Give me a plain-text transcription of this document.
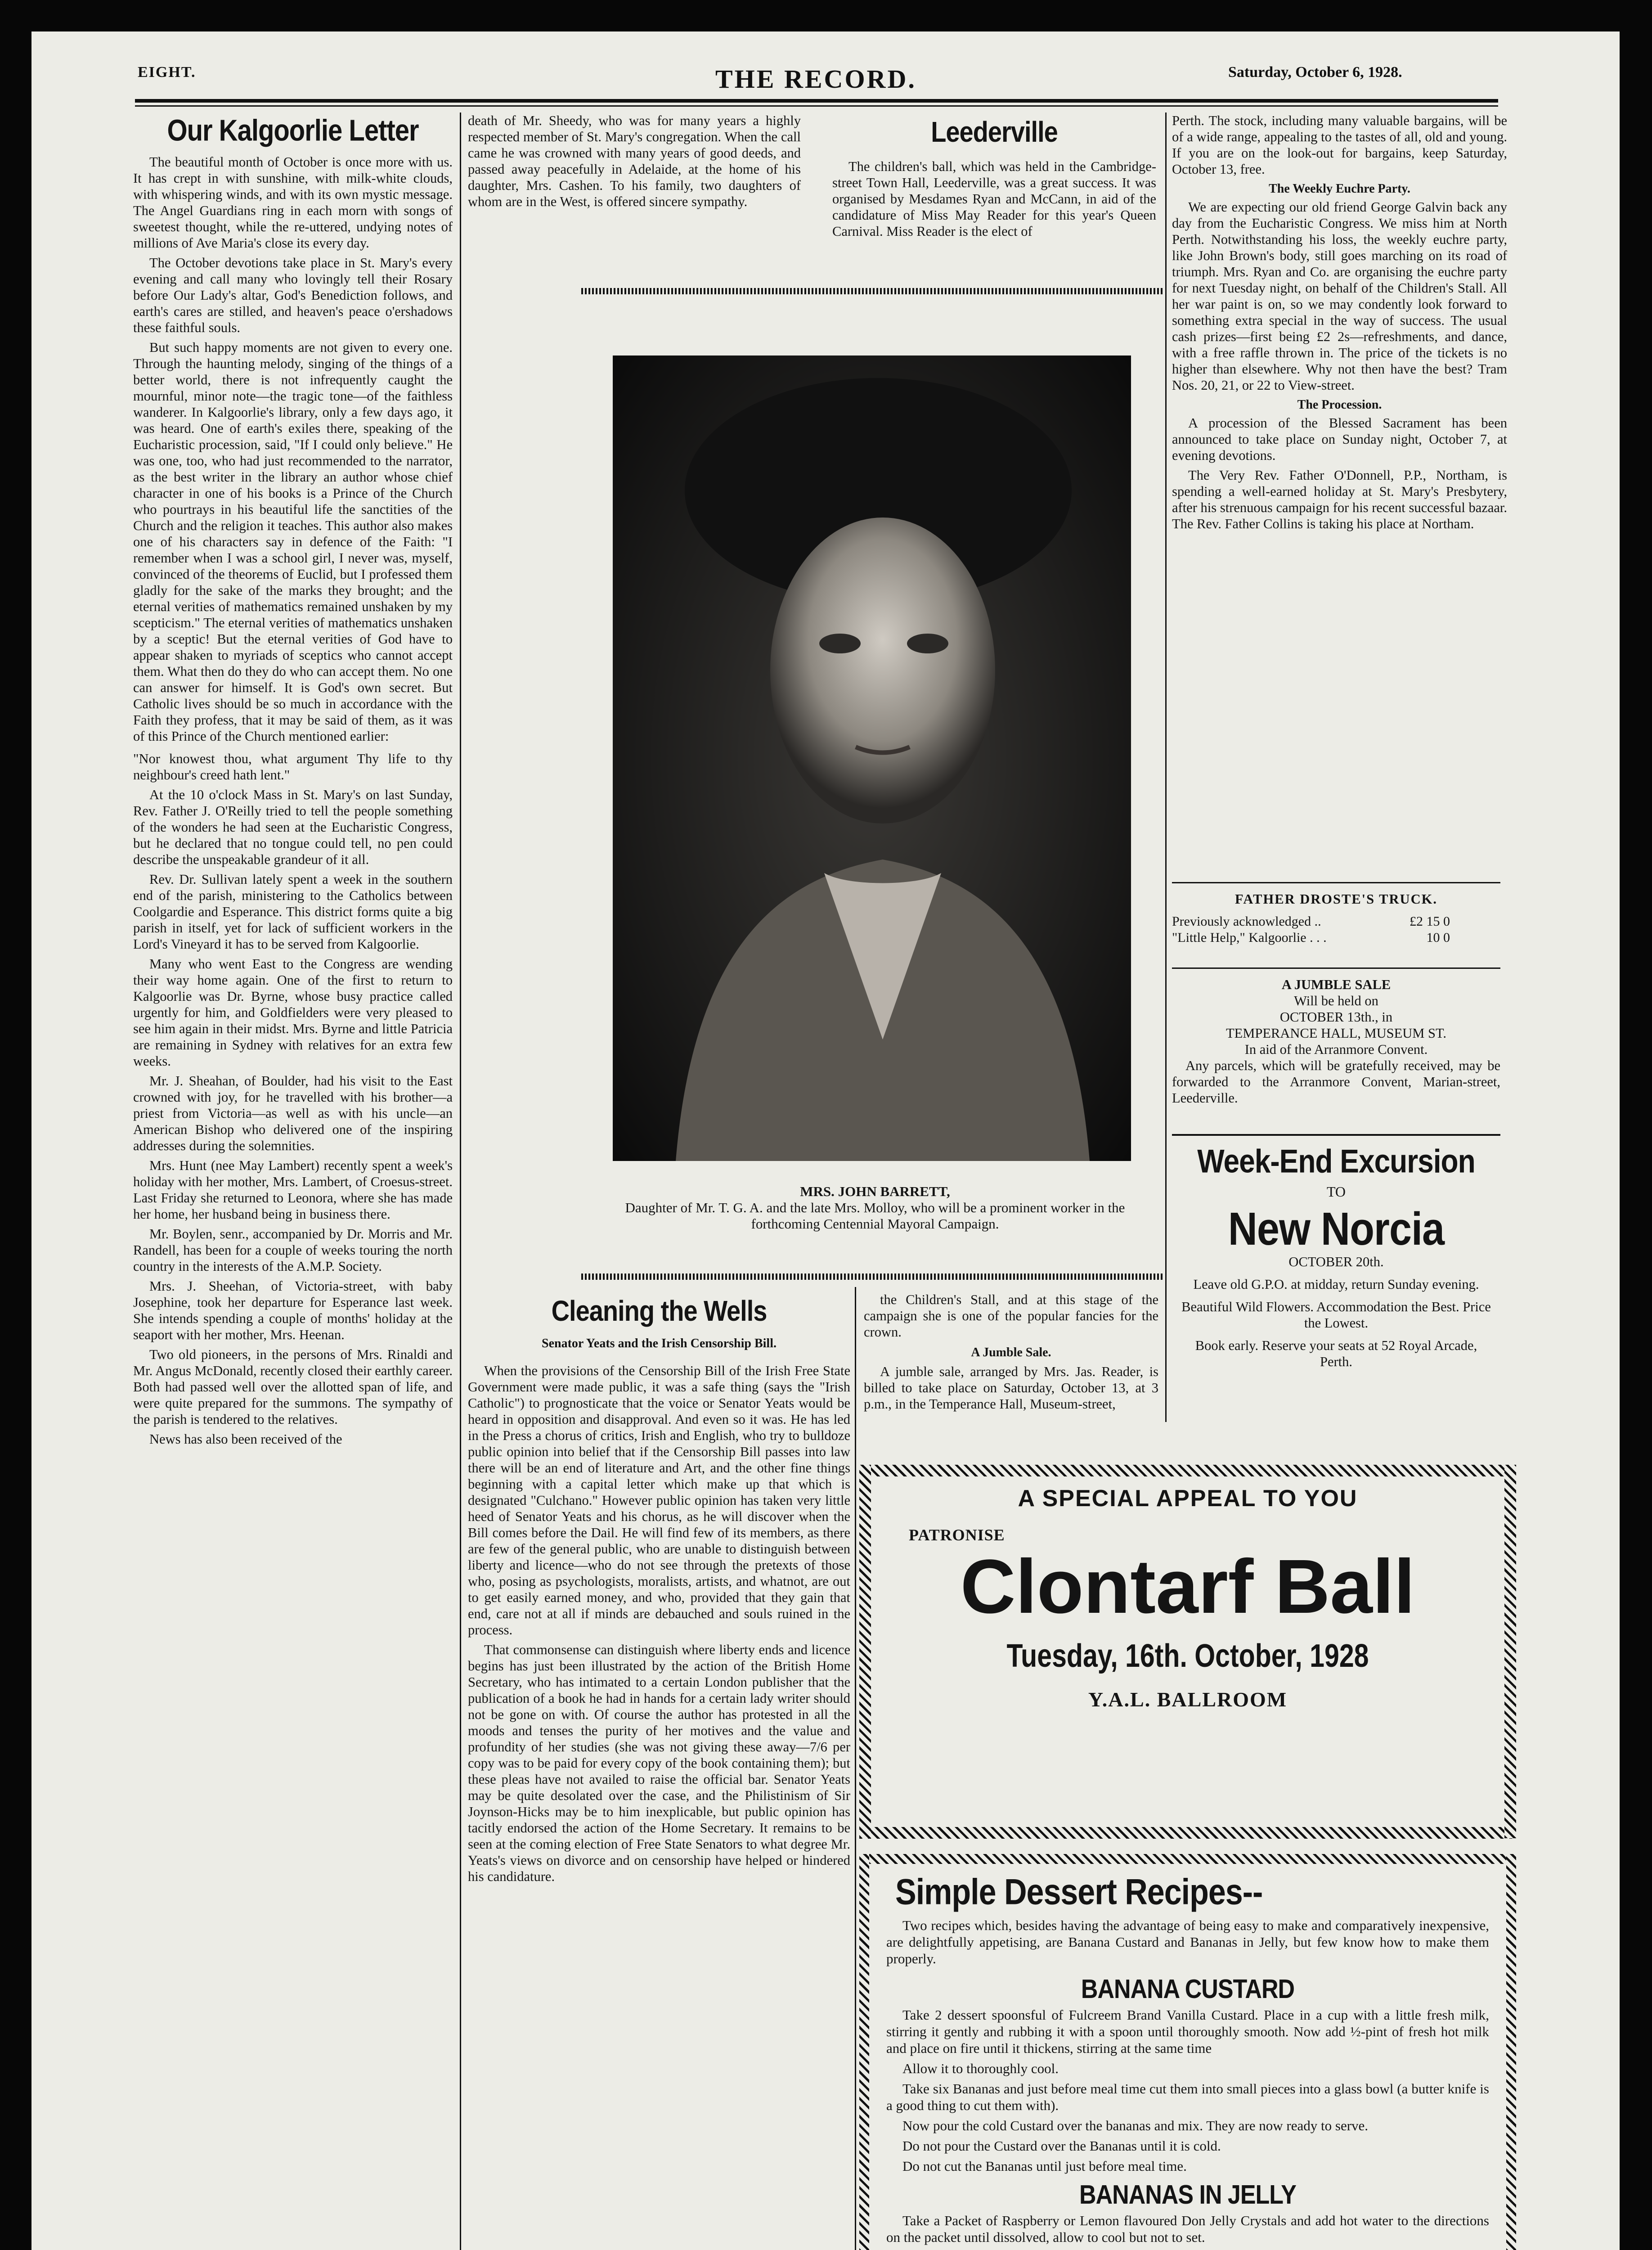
EIGHT.	THE RECORD.	Saturday, October 6, 1928.
Our Kalgoorlie Letter

The beautiful month of October is once more with us. It has crept in with sunshine, with milk-white clouds, with whispering winds, and with its own mystic message. The Angel Guardians ring in each morn with songs of sweetest thought, while the re-uttered, undying notes of millions of Ave Maria's close its every day.

The October devotions take place in St. Mary's every evening and call many who lovingly tell their Rosary before Our Lady's altar, God's Benediction follows, and earth's cares are stilled, and heaven's peace o'ershadows these faithful souls.

But such happy moments are not given to every one. Through the haunting melody, singing of the things of a better world, there is not infrequently caught the mournful, minor note—the tragic tone—of the faithless wanderer. In Kalgoorlie's library, only a few days ago, it was heard. One of earth's exiles there, speaking of the Eucharistic procession, said, "If I could only believe." He was one, too, who had just recommended to the narrator, as the best writer in the library an author whose chief character in one of his books is a Prince of the Church who pourtrays in his beautiful life the sanctities of the Church and the religion it teaches. This author also makes one of his characters say in defence of the Faith: "I remember when I was a school girl, I never was, myself, convinced of the theorems of Euclid, but I professed them gladly for the sake of the marks they brought; and the eternal verities of mathematics remained unshaken by my scepticism." The eternal verities of mathematics unshaken by a sceptic! But the eternal verities of God have to appear shaken to myriads of sceptics who cannot accept them. What then do they do who can accept them. No one can answer for himself. It is God's own secret. But Catholic lives should be so much in accordance with the Faith they profess, that it may be said of them, as it was of this Prince of the Church mentioned earlier:

"Nor knowest thou, what argument Thy life to thy neighbour's creed hath lent."

At the 10 o'clock Mass in St. Mary's on last Sunday, Rev. Father J. O'Reilly tried to tell the people something of the wonders he had seen at the Eucharistic Congress, but he declared that no tongue could tell, no pen could describe the unspeakable grandeur of it all.

Rev. Dr. Sullivan lately spent a week in the southern end of the parish, ministering to the Catholics between Coolgardie and Esperance. This district forms quite a big parish in itself, yet for lack of sufficient workers in the Lord's Vineyard it has to be served from Kalgoorlie.

Many who went East to the Congress are wending their way home again. One of the first to return to Kalgoorlie was Dr. Byrne, whose busy practice called urgently for him, and Goldfielders were very pleased to see him again in their midst. Mrs. Byrne and little Patricia are remaining in Sydney with relatives for an extra few weeks.

Mr. J. Sheahan, of Boulder, had his visit to the East crowned with joy, for he travelled with his brother—a priest from Victoria—as well as with his uncle—an American Bishop who delivered one of the inspiring addresses during the solemnities.

Mrs. Hunt (nee May Lambert) recently spent a week's holiday with her mother, Mrs. Lambert, of Croesus-street. Last Friday she returned to Leonora, where she has made her home, her husband being in business there.

Mr. Boylen, senr., accompanied by Dr. Morris and Mr. Randell, has been for a couple of weeks touring the north country in the interests of the A.M.P. Society.

Mrs. J. Sheehan, of Victoria-street, with baby Josephine, took her departure for Esperance last week. She intends spending a couple of months' holiday at the seaport with her mother, Mrs. Heenan.

Two old pioneers, in the persons of Mrs. Rinaldi and Mr. Angus McDonald, recently closed their earthly career. Both had passed well over the allotted span of life, and were quite prepared for the summons. The sympathy of the parish is tendered to the relatives.

News has also been received of the

death of Mr. Sheedy, who was for many years a highly respected member of St. Mary's congregation. When the call came he was crowned with many years of good deeds, and passed away peacefully in Adelaide, at the home of his daughter, Mrs. Cashen. To his family, two daughters of whom are in the West, is offered sincere sympathy.
Leederville

The children's ball, which was held in the Cambridge-street Town Hall, Leederville, was a great success. It was organised by Mesdames Ryan and McCann, in aid of the candidature of Miss May Reader for this year's Queen Carnival. Miss Reader is the elect of

MRS. JOHN BARRETT,
Daughter of Mr. T. G. A. and the late Mrs. Molloy, who will be a prominent worker in the forthcoming Centennial Mayoral Campaign.
Cleaning the Wells
Senator Yeats and the Irish Censorship Bill.

When the provisions of the Censorship Bill of the Irish Free State Government were made public, it was a safe thing (says the "Irish Catholic") to prognosticate that the voice or Senator Yeats would be heard in opposition and disapproval. And even so it was. He has led in the Press a chorus of critics, Irish and English, who try to bulldoze public opinion into belief that if the Censorship Bill passes into law there will be an end of literature and Art, and the other fine things beginning with a capital letter which make up that which is designated "Culchano." However public opinion has taken very little heed of Senator Yeats and his chorus, as he will discover when the Bill comes before the Dail. He will find few of its members, as there are few of the general public, who are unable to distinguish between liberty and licence—who do not see through the pretexts of those who, posing as psychologists, moralists, artists, and whatnot, are out to get easily earned money, and who, provided that they gain that end, care not at all if minds are debauched and souls ruined in the process.

That commonsense can distinguish where liberty ends and licence begins has just been illustrated by the action of the British Home Secretary, who has intimated to a certain London publisher that the publication of a book he had in hands for a certain lady writer should not be gone on with. Of course the author has protested in all the moods and tenses the purity of her motives and the value and profundity of her studies (she was not giving these away—7/6 per copy was to be paid for every copy of the book containing them); but these pleas have not availed to raise the official bar. Senator Yeats may be quite desolated over the case, and the Philistinism of Sir Joynson-Hicks may be to him inexplicable, but public opinion has tacitly endorsed the action of the Home Secretary. It remains to be seen at the coming election of Free State Senators to what degree Mr. Yeats's views on divorce and on censorship have helped or hindered his candidature.

the Children's Stall, and at this stage of the campaign she is one of the popular fancies for the crown.

A Jumble Sale.

A jumble sale, arranged by Mrs. Jas. Reader, is billed to take place on Saturday, October 13, at 3 p.m., in the Temperance Hall, Museum-street,

Perth. The stock, including many valuable bargains, will be of a wide range, appealing to the tastes of all, old and young. If you are on the look-out for bargains, keep Saturday, October 13, free.

The Weekly Euchre Party.

We are expecting our old friend George Galvin back any day from the Eucharistic Congress. We miss him at North Perth. Notwithstanding his loss, the weekly euchre party, like John Brown's body, still goes marching on its road of triumph. Mrs. Ryan and Co. are organising the euchre party for next Tuesday night, on behalf of the Children's Stall. All her war paint is on, so we may condently look forward to something extra special in the way of success. The usual cash prizes—first being £2 2s—refreshments, and dance, with a free raffle thrown in. The price of the tickets is no higher than elsewhere. Why not then have the best? Tram Nos. 20, 21, or 22 to View-street.

The Procession.

A procession of the Blessed Sacrament has been announced to take place on Sunday night, October 7, at evening devotions.

The Very Rev. Father O'Donnell, P.P., Northam, is spending a well-earned holiday at St. Mary's Presbytery, after his strenuous campaign for his recent successful bazaar. The Rev. Father Collins is taking his place at Northam.

FATHER DROSTE'S TRUCK.
Previously acknowledged ..	£2 15 0
"Little Help," Kalgoorlie . . .	10 0
A JUMBLE SALE
Will be held on
OCTOBER 13th., in
TEMPERANCE HALL, MUSEUM ST.
In aid of the Arranmore Convent.
Any parcels, which will be gratefully received, may be forwarded to the Arranmore Convent, Marian-street, Leederville.
Week-End Excursion
TO
New Norcia
OCTOBER 20th.
Leave old G.P.O. at midday, return Sunday evening.
Beautiful Wild Flowers. Accommodation the Best. Price the Lowest.
Book early. Reserve your seats at 52 Royal Arcade, Perth.
A SPECIAL APPEAL TO YOU
PATRONISE
Clontarf Ball
Tuesday, 16th. October, 1928
Y.A.L. BALLROOM
Simple Dessert Recipes--

Two recipes which, besides having the advantage of being easy to make and comparatively inexpensive, are delightfully appetising, are Banana Custard and Bananas in Jelly, but few know how to make them properly.

BANANA CUSTARD

Take 2 dessert spoonsful of Fulcreem Brand Vanilla Custard. Place in a cup with a little fresh milk, stirring it gently and rubbing it with a spoon until thoroughly smooth. Now add ½-pint of fresh hot milk and place on fire until it thickens, stirring at the same time

Allow it to thoroughly cool.

Take six Bananas and just before meal time cut them into small pieces into a glass bowl (a butter knife is a good thing to cut them with).

Now pour the cold Custard over the bananas and mix. They are now ready to serve.

Do not pour the Custard over the Bananas until it is cold.

Do not cut the Bananas until just before meal time.

BANANAS IN JELLY

Take a Packet of Raspberry or Lemon flavoured Don Jelly Crystals and add hot water to the directions on the packet until dissolved, allow to cool but not to set.
